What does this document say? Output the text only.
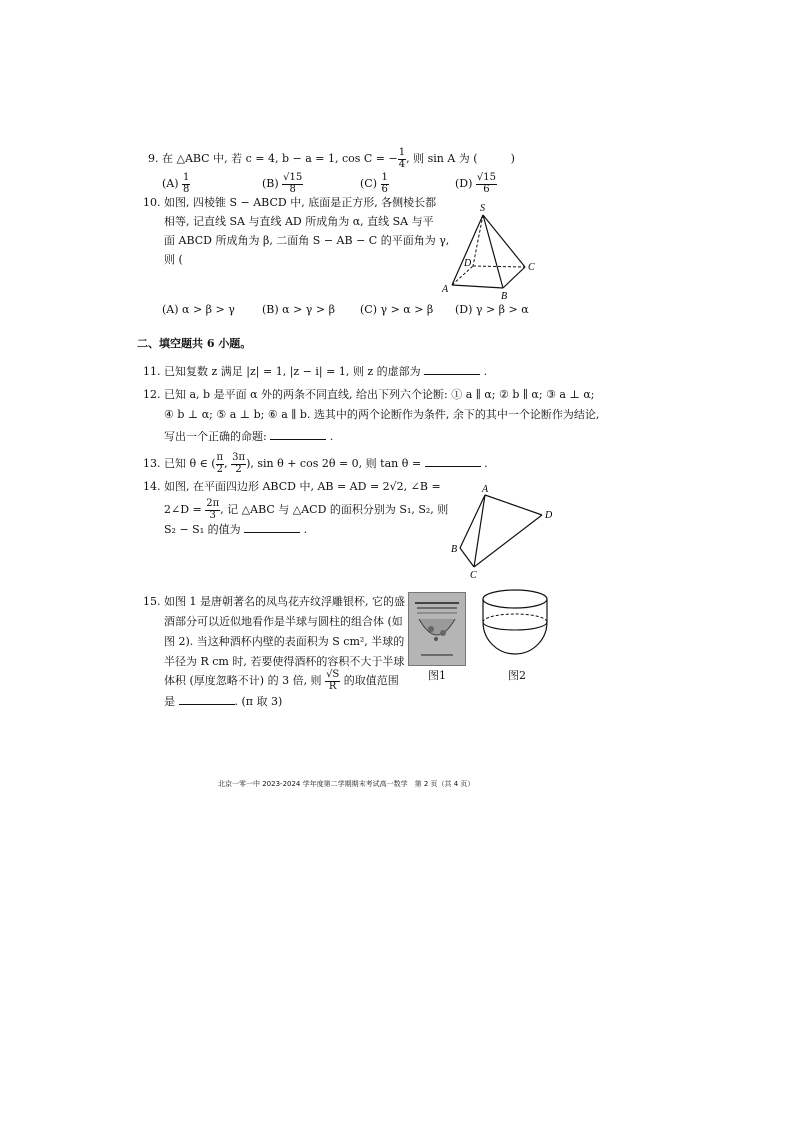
9. 在 △ABC 中, 若 c = 4, b − a = 1, cos C = − $\frac{1}{4}$ , 则 sin A 为 (　　　)
$(A) \frac{1}{8}$	$(B) \frac{√15}{8}$	$(C) \frac{1}{6}$	$(D) \frac{√15}{6}$
10. 如图, 四棱锥 S − ABCD 中, 底面是正方形, 各侧棱长都
相等, 记直线 SA 与直线 AD 所成角为 α, 直线 SA 与平
面 ABCD 所成角为 β, 二面角 S − AB − C 的平面角为 γ,
则 (
S
A
B
C
D
(A) α > β > γ (B) α > γ > β (C) γ > α > β (D) γ > β > α
二、填空题共 6 小题。
11. 已知复数 z 满足 |z| = 1, |z − i| = 1, 则 z 的虚部为	.
12. 已知 a, b 是平面 α 外的两条不同直线, 给出下列六个论断: ① a ∥ α; ② b ∥ α; ③ a ⊥ α;
④ b ⊥ α; ⑤ a ⊥ b; ⑥ a ∥ b. 选其中的两个论断作为条件, 余下的其中一个论断作为结论,
写出一个正确的命题:	.
13. 已知 θ ∈ ( $\frac{\pi}{2}$ , $\frac{3\pi}{2}$ ), sin θ + cos 2θ = 0, 则 tan θ =	.
14. 如图, 在平面四边形 ABCD 中, AB = AD = 2√2, ∠B =
2∠D = $\frac{2\pi}{3}$ , 记 △ABC 与 △ACD 的面积分别为 S₁, S₂, 则
S₂ − S₁ 的值为	.
A
B
C
D
15. 如图 1 是唐朝著名的凤鸟花卉纹浮雕银杯, 它的盛
酒部分可以近似地看作是半球与圆柱的组合体 (如
图 2). 当这种酒杯内壁的表面积为 S cm², 半球的
半径为 R cm 时, 若要使得酒杯的容积不大于半球
体积 (厚度忽略不计) 的 3 倍, 则 $\frac{√S}{R}$ 的取值范围
是	. (π 取 3)
图1	图2
北京一零一中 2023-2024 学年度第二学期期末考试高一数学　第 2 页（共 4 页）
